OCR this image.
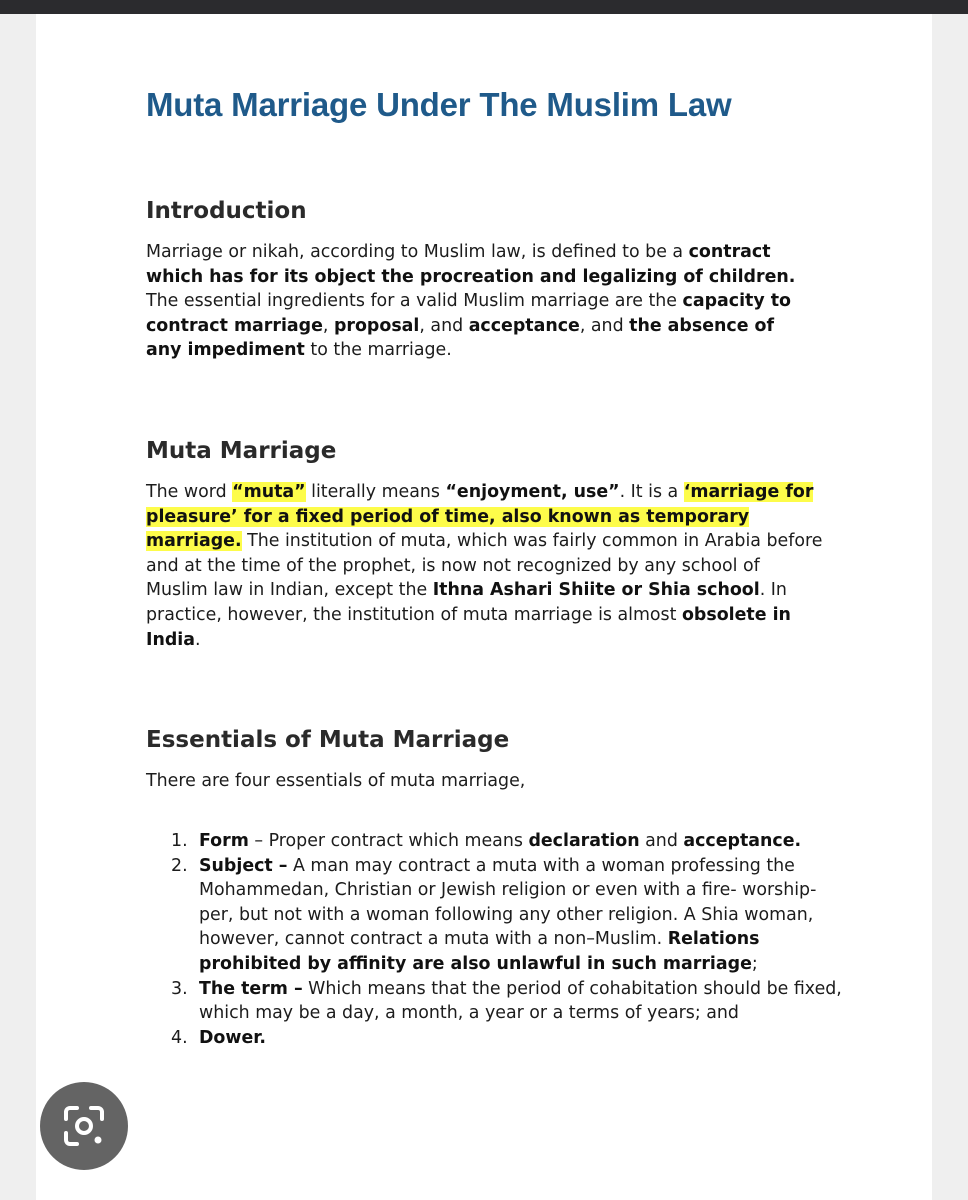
Muta Marriage Under The Muslim Law
Introduction

Marriage or nikah, according to Muslim law, is defined to be a contract which has for its object the procreation and legalizing of children. The essential ingredients for a valid Muslim marriage are the capacity to contract marriage, proposal, and acceptance, and the absence of any impediment to the marriage.

Muta Marriage

The word “muta” literally means “enjoyment, use”. It is a ‘marriage for pleasure’ for a fixed period of time, also known as temporary marriage. The institution of muta, which was fairly common in Arabia before and at the time of the prophet, is now not recognized by any school of Muslim law in Indian, except the Ithna Ashari Shiite or Shia school. In practice, however, the institution of muta marriage is almost obsolete in India.

Essentials of Muta Marriage

There are four essentials of muta marriage,

1. Form – Proper contract which means declaration and acceptance.
2. Subject – A man may contract a muta with a woman professing the Mohammedan, Christian or Jewish religion or even with a fire- worship-per, but not with a woman following any other religion. A Shia woman, however, cannot contract a muta with a non–Muslim. Relations prohibited by affinity are also unlawful in such marriage;
3. The term – Which means that the period of cohabitation should be fixed, which may be a day, a month, a year or a terms of years; and
4. Dower.
